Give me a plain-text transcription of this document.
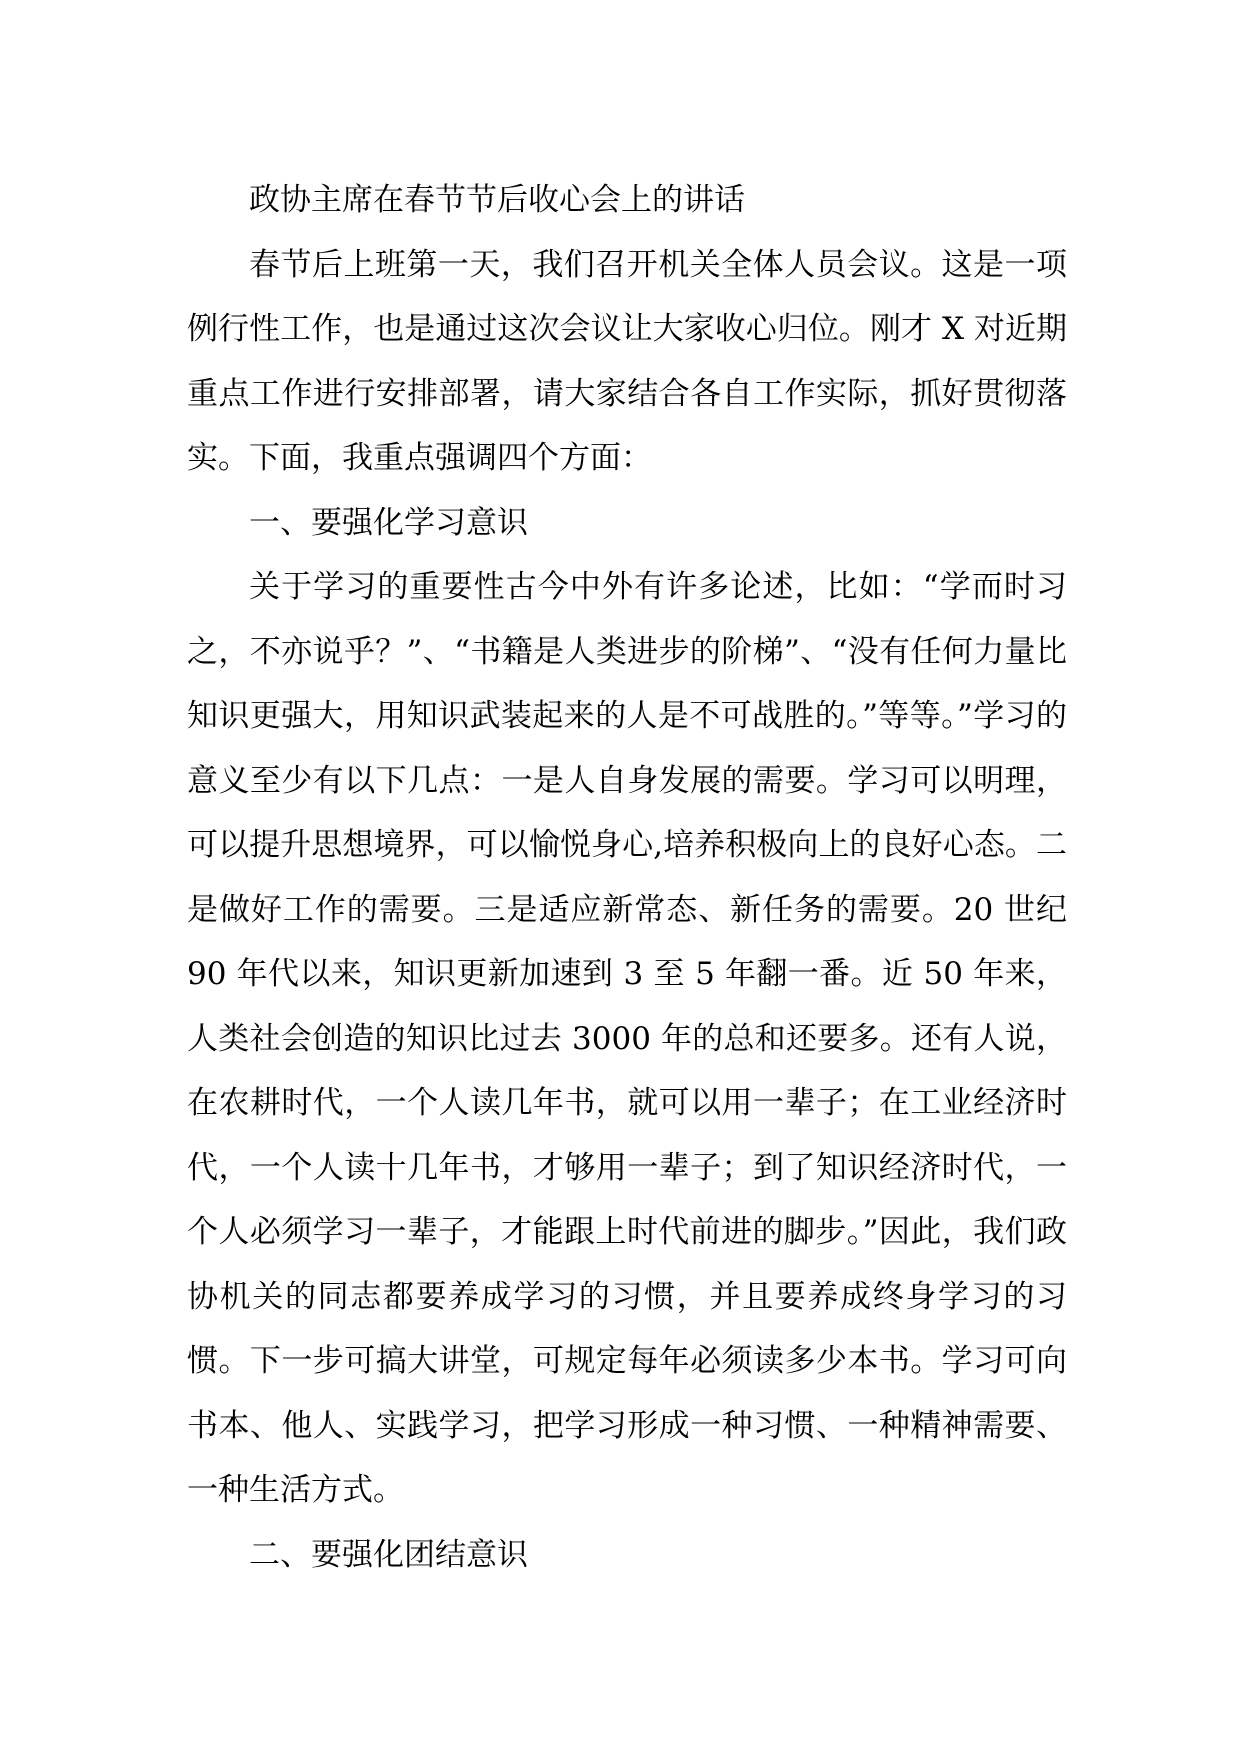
政协主席在春节节后收心会上的讲话

春节后上班第一天，我们召开机关全体人员会议。这是一项例行性工作，也是通过这次会议让大家收心归位。刚才 X 对近期重点工作进行安排部署，请大家结合各自工作实际，抓好贯彻落实。下面，我重点强调四个方面：

一、要强化学习意识

关于学习的重要性古今中外有许多论述，比如：“学而时习之，不亦说乎？”、“书籍是人类进步的阶梯”、“没有任何力量比知识更强大，用知识武装起来的人是不可战胜的。”等等。”学习的意义至少有以下几点：一是人自身发展的需要。学习可以明理，可以提升思想境界，可以愉悦身心,培养积极向上的良好心态。二是做好工作的需要。三是适应新常态、新任务的需要。20 世纪 90 年代以来，知识更新加速到 3 至 5 年翻一番。近 50 年来，人类社会创造的知识比过去 3000 年的总和还要多。还有人说，在农耕时代，一个人读几年书，就可以用一辈子；在工业经济时代，一个人读十几年书，才够用一辈子；到了知识经济时代，一个人必须学习一辈子，才能跟上时代前进的脚步。”因此，我们政协机关的同志都要养成学习的习惯，并且要养成终身学习的习惯。下一步可搞大讲堂，可规定每年必须读多少本书。学习可向书本、他人、实践学习，把学习形成一种习惯、一种精神需要、一种生活方式。

二、要强化团结意识
